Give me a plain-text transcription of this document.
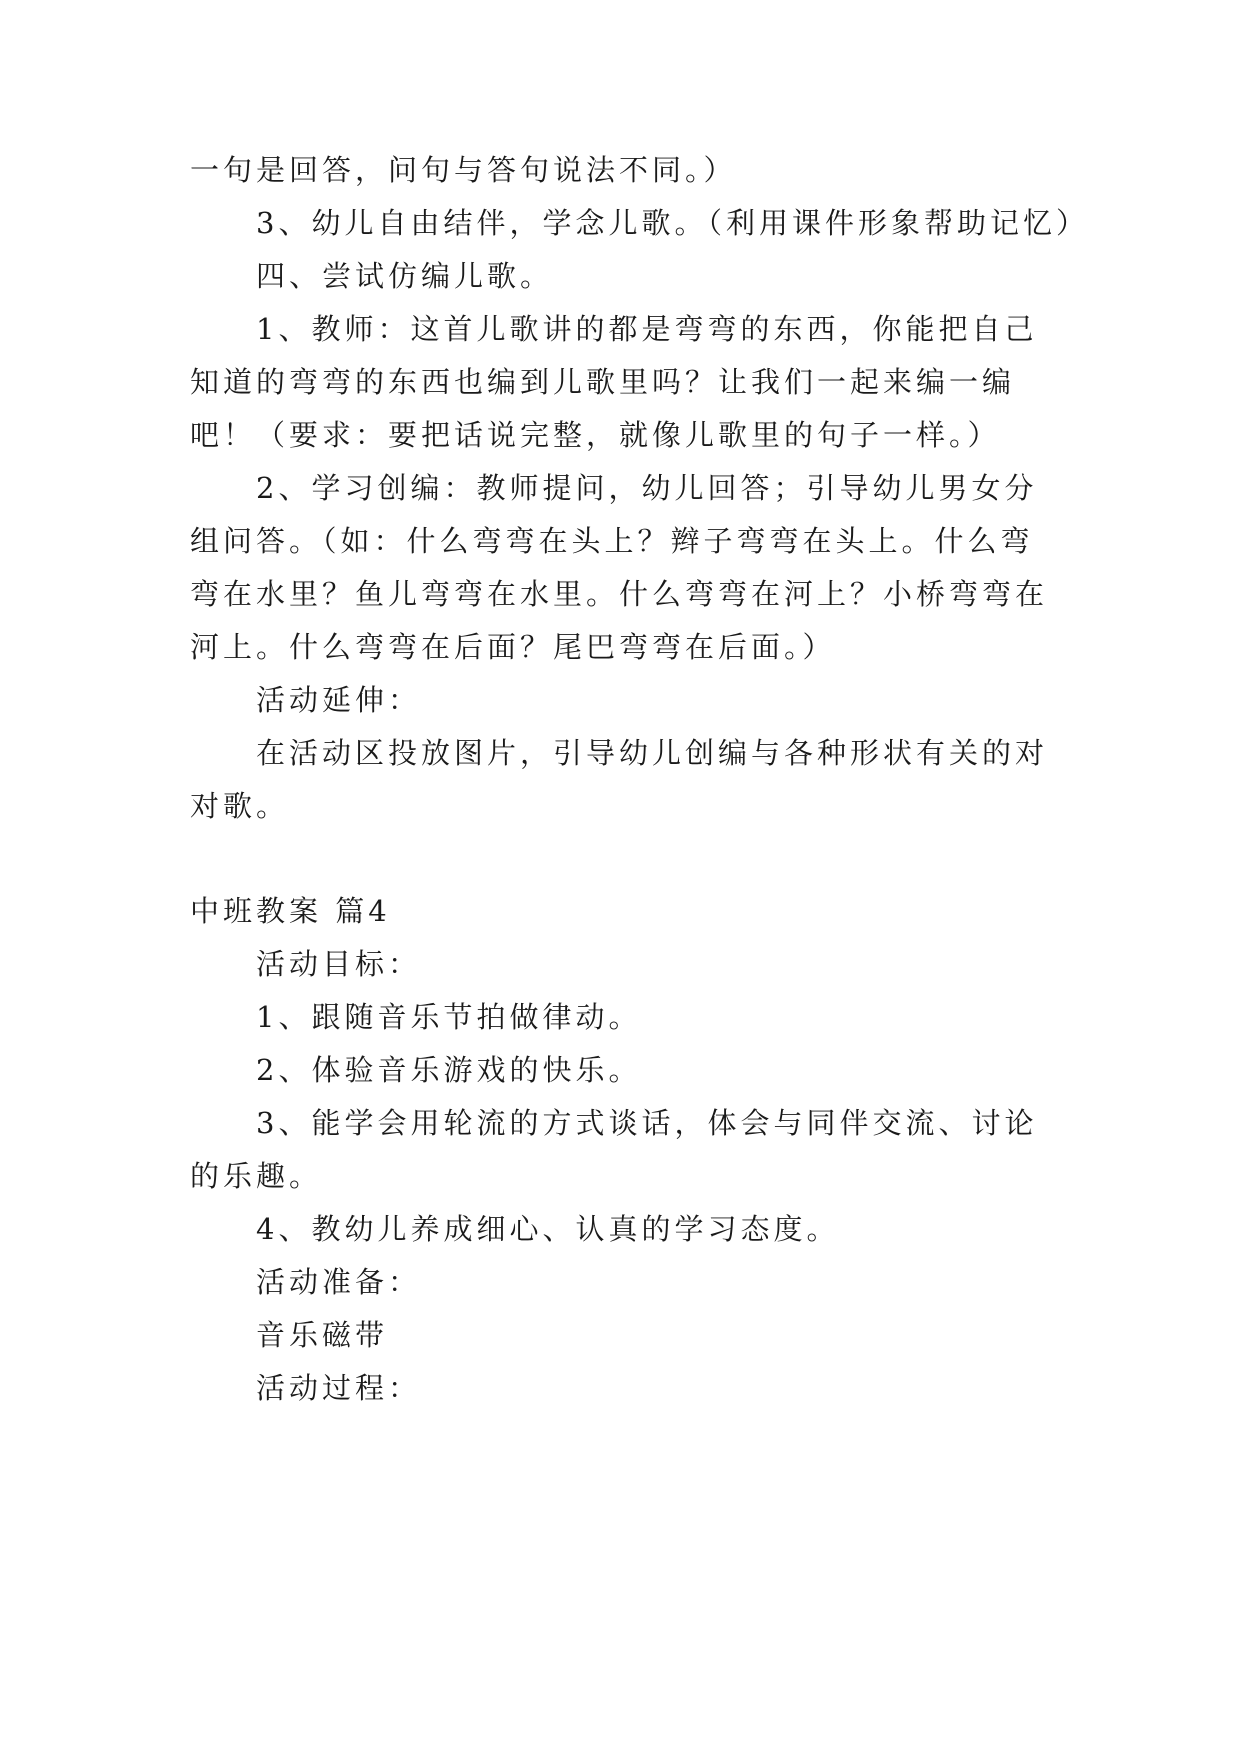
一句是回答，问句与答句说法不同。）
3、幼儿自由结伴，学念儿歌。（利用课件形象帮助记忆）
四、尝试仿编儿歌。
1、教师：这首儿歌讲的都是弯弯的东西，你能把自己
知道的弯弯的东西也编到儿歌里吗？让我们一起来编一编
吧！（要求：要把话说完整，就像儿歌里的句子一样。）
2、学习创编：教师提问，幼儿回答；引导幼儿男女分
组问答。（如：什么弯弯在头上？辫子弯弯在头上。什么弯
弯在水里？鱼儿弯弯在水里。什么弯弯在河上？小桥弯弯在
河上。什么弯弯在后面？尾巴弯弯在后面。）
活动延伸：
在活动区投放图片，引导幼儿创编与各种形状有关的对
对歌。
中班教案 篇4
活动目标：
1、跟随音乐节拍做律动。
2、体验音乐游戏的快乐。
3、能学会用轮流的方式谈话，体会与同伴交流、讨论
的乐趣。
4、教幼儿养成细心、认真的学习态度。
活动准备：
音乐磁带
活动过程：
